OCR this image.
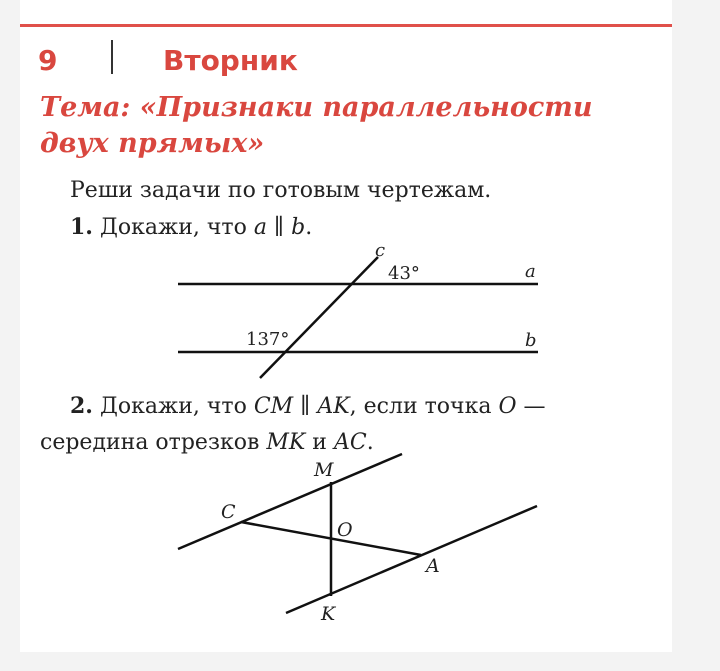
9	Вторник
Тема: «Признаки параллельности
двух прямых»
Реши задачи по готовым чертежам.
1. Докажи, что a ∥ b.
c
a
b
43°
137°
2. Докажи, что CM ∥ AK, если точка O —
середина отрезков MK и AC.
M
C
O
A
K
